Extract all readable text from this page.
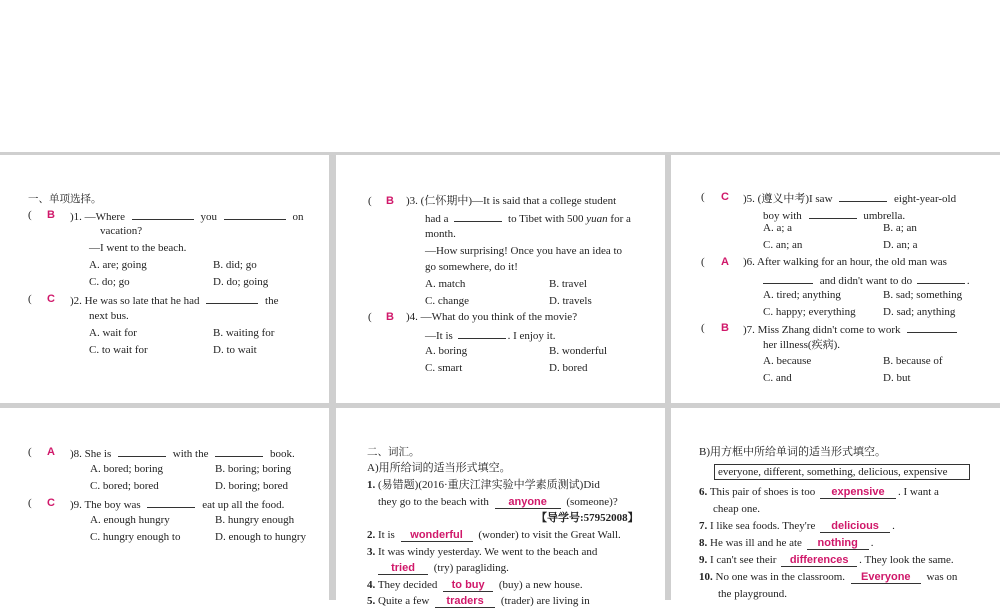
一、单项选择。
(	B	)1. —Where	you	on
vacation?
—I went to the beach.
A. are; going	B. did; go
C. do; go	D. do; going
(	C	)2. He was so late that he had	the
next bus.
A. wait for	B. waiting for
C. to wait for	D. to wait
(	B	)3. (仁怀期中)—It is said that a college student
had a	to Tibet with 500 yuan for a
month.
—How surprising! Once you have an idea to
go somewhere, do it!
A. match	B. travel
C. change	D. travels
(	B	)4. —What do you think of the movie?
—It is	. I enjoy it.
A. boring	B. wonderful
C. smart	D. bored
(	C	)5. (遵义中考)I saw	eight-year-old
boy with	umbrella.
A. a; a	B. a; an
C. an; an	D. an; a
(	A	)6. After walking for an hour, the old man was
and didn't want to do	.
A. tired; anything	B. sad; something
C. happy; everything D. sad; anything
(	B	)7. Miss Zhang didn't come to work
her illness(疾病).
A. because	B. because of
C. and	D. but
(	A	)8. She is	with the	book.
A. bored; boring	B. boring; boring
C. bored; bored	D. boring; bored
(	C	)9. The boy was	eat up all the food.
A. enough hungry	B. hungry enough
C. hungry enough to	D. enough to hungry
二、词汇。
A)用所给词的适当形式填空。
1. (易错题)(2016·重庆江津实验中学素质测试)Did
they go to the beach with anyone (someone)?
【导学号:57952008】
2. It is wonderful (wonder) to visit the Great Wall.
3. It was windy yesterday. We went to the beach and
tried (try) paragliding.
4. They decided to buy (buy) a new house.
5. Quite a few traders (trader) are living in
B)用方框中所给单词的适当形式填空。
everyone, different, something, delicious, expensive
6. This pair of shoes is too expensive . I want a
cheap one.
7. I like sea foods. They're delicious .
8. He was ill and he ate nothing .
9. I can't see their differences . They look the same.
10. No one was in the classroom. Everyone was on
the playground.
